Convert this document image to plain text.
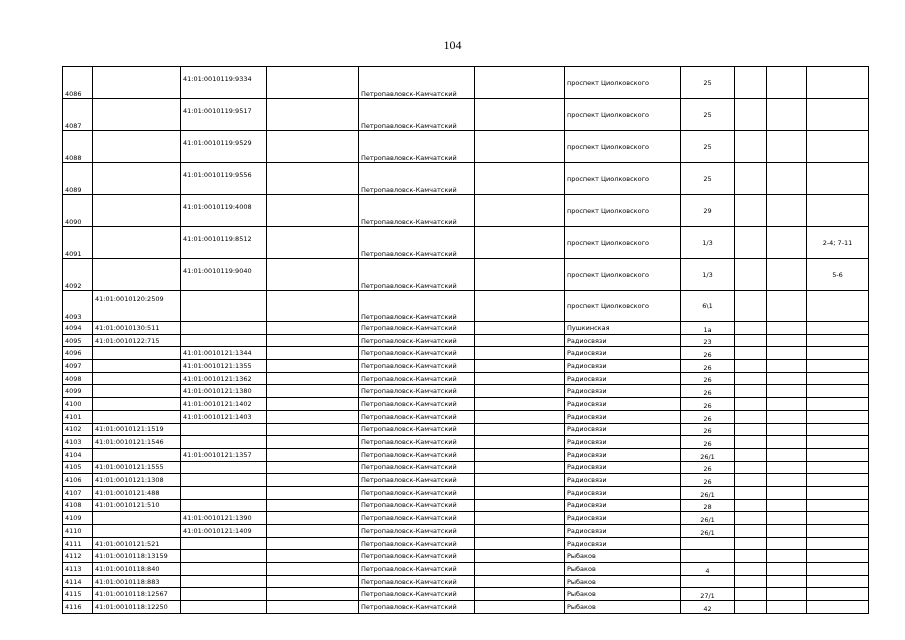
104
4086		41:01:0010119:9334		Петропавловск-Камчатский		проспект Циолковского	25			
4087		41:01:0010119:9517		Петропавловск-Камчатский		проспект Циолковского	25			
4088		41:01:0010119:9529		Петропавловск-Камчатский		проспект Циолковского	25			
4089		41:01:0010119:9556		Петропавловск-Камчатский		проспект Циолковского	25			
4090		41:01:0010119:4008		Петропавловск-Камчатский		проспект Циолковского	29			
4091		41:01:0010119:8512		Петропавловск-Камчатский		проспект Циолковского	1/3			2-4; 7-11
4092		41:01:0010119:9040		Петропавловск-Камчатский		проспект Циолковского	1/3			5-6
4093	41:01:0010120:2509			Петропавловск-Камчатский		проспект Циолковского	6\1			
4094	41:01:0010130:511			Петропавловск-Камчатский		Пушкинская	1а			
4095	41:01:0010122:715			Петропавловск-Камчатский		Радиосвязи	23			
4096		41:01:0010121:1344		Петропавловск-Камчатский		Радиосвязи	26			
4097		41:01:0010121:1355		Петропавловск-Камчатский		Радиосвязи	26			
4098		41:01:0010121:1362		Петропавловск-Камчатский		Радиосвязи	26			
4099		41:01:0010121:1380		Петропавловск-Камчатский		Радиосвязи	26			
4100		41:01:0010121:1402		Петропавловск-Камчатский		Радиосвязи	26			
4101		41:01:0010121:1403		Петропавловск-Камчатский		Радиосвязи	26			
4102	41:01:0010121:1519			Петропавловск-Камчатский		Радиосвязи	26			
4103	41:01:0010121:1546			Петропавловск-Камчатский		Радиосвязи	26			
4104		41:01:0010121:1357		Петропавловск-Камчатский		Радиосвязи	26/1			
4105	41:01:0010121:1555			Петропавловск-Камчатский		Радиосвязи	26			
4106	41:01:0010121:1308			Петропавловск-Камчатский		Радиосвязи	26			
4107	41:01:0010121:488			Петропавловск-Камчатский		Радиосвязи	26/1			
4108	41:01:0010121:510			Петропавловск-Камчатский		Радиосвязи	28			
4109		41:01:0010121:1390		Петропавловск-Камчатский		Радиосвязи	26/1			
4110		41:01:0010121:1409		Петропавловск-Камчатский		Радиосвязи	26/1			
4111	41:01:0010121:521			Петропавловск-Камчатский		Радиосвязи				
4112	41:01:0010118:13159			Петропавловск-Камчатский		Рыбаков				
4113	41:01:0010118:840			Петропавловск-Камчатский		Рыбаков	4			
4114	41:01:0010118:883			Петропавловск-Камчатский		Рыбаков				
4115	41:01:0010118:12567			Петропавловск-Камчатский		Рыбаков	27/1			
4116	41:01:0010118:12250			Петропавловск-Камчатский		Рыбаков	42			
